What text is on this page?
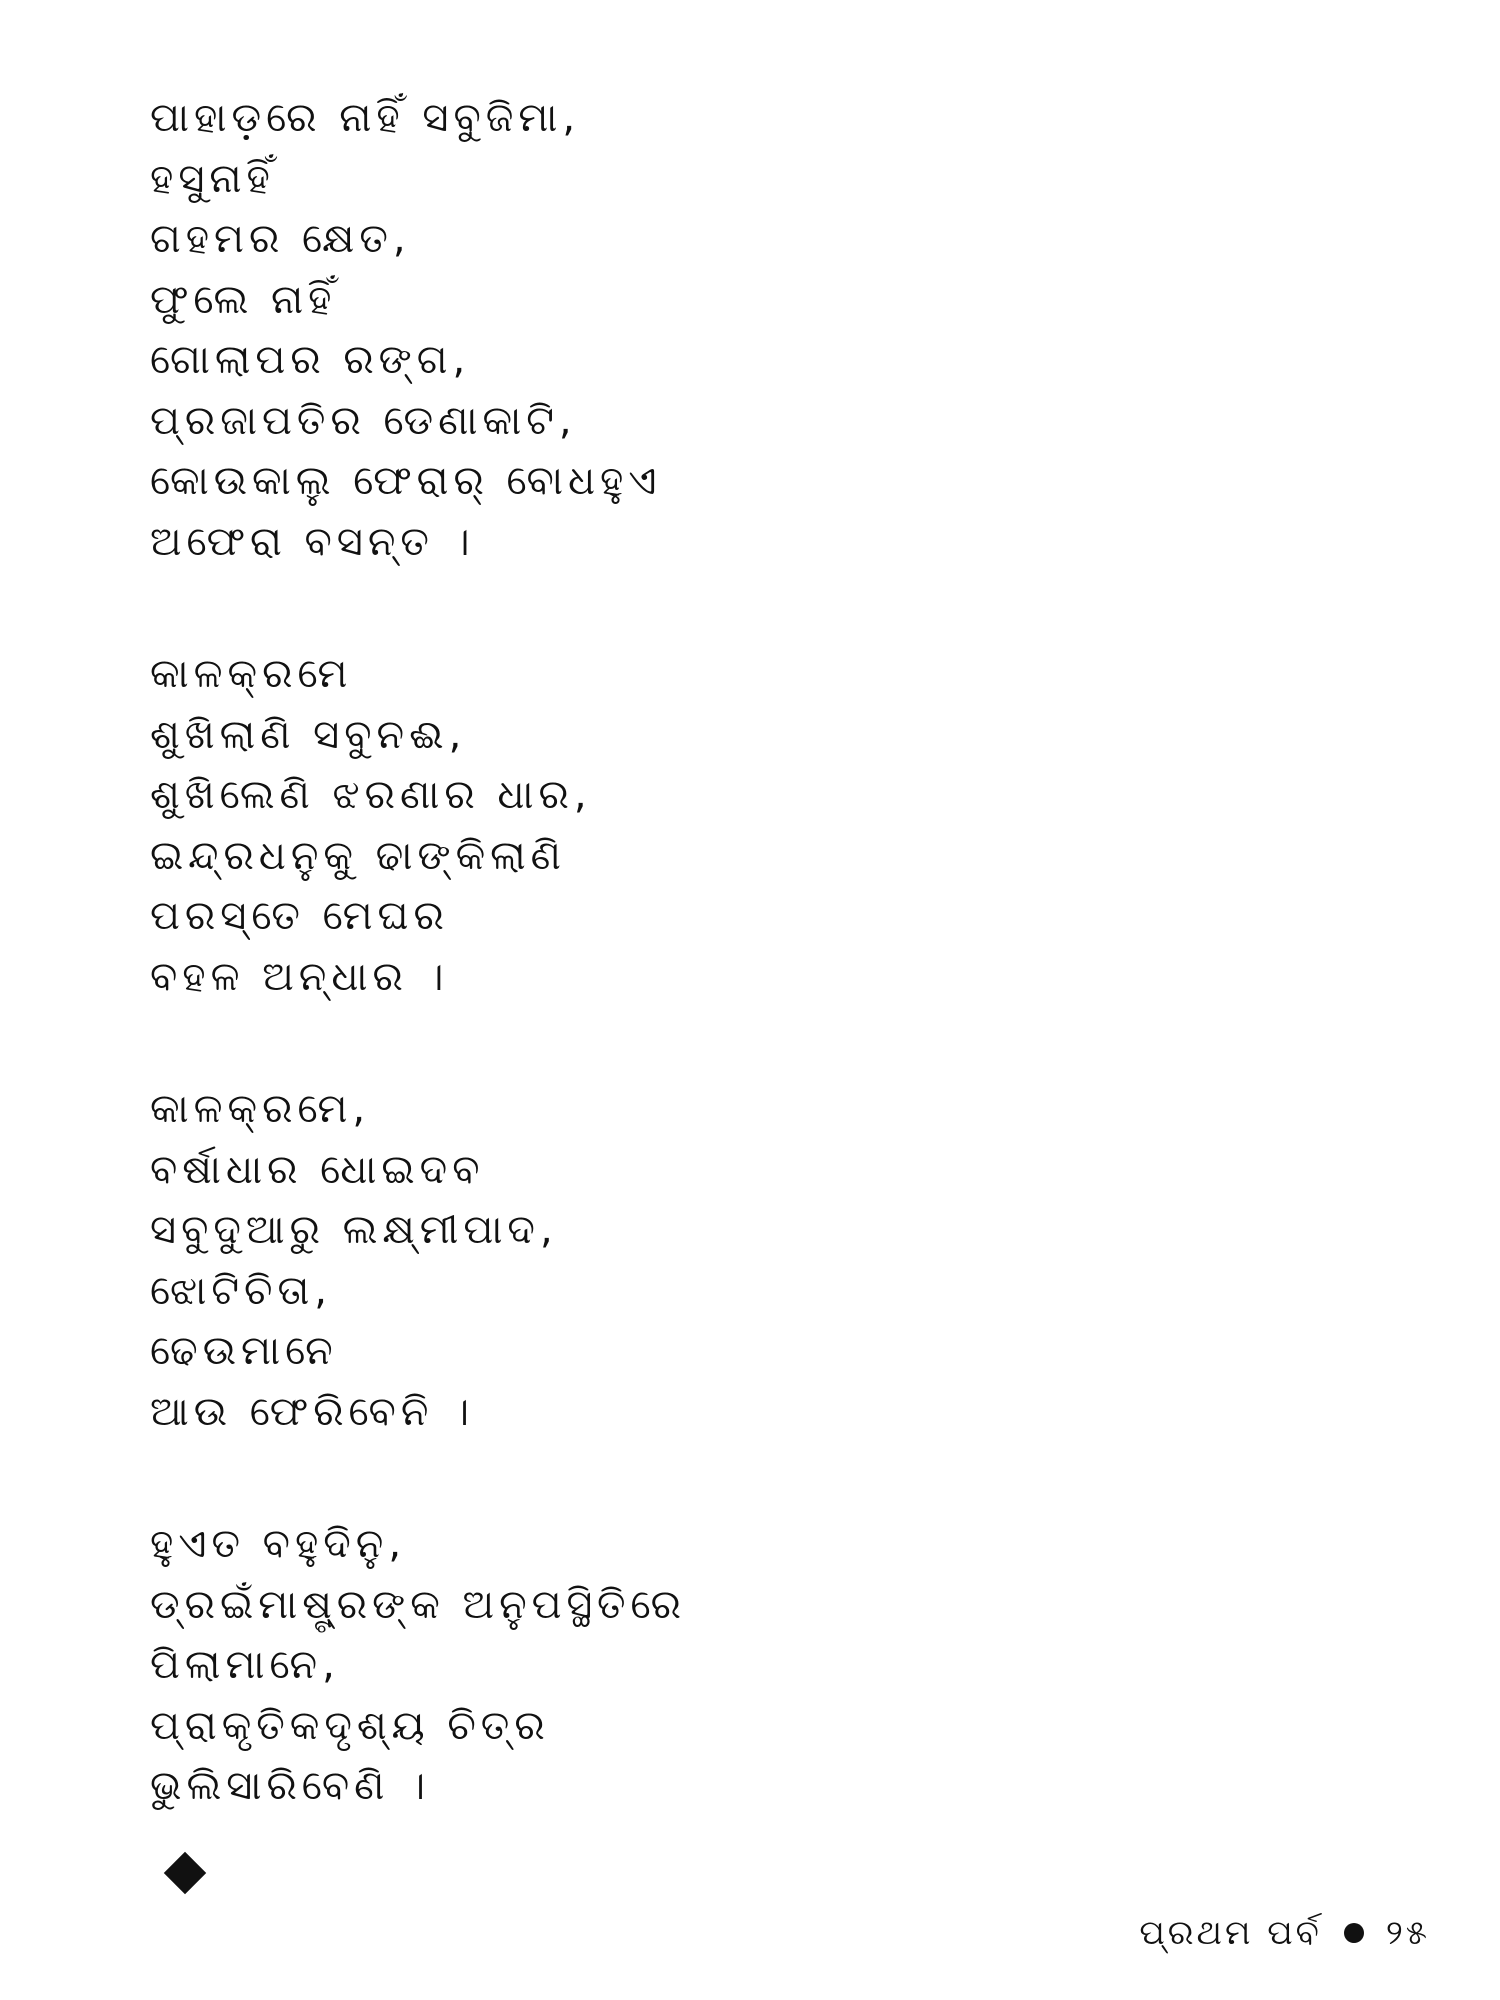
ପାହାଡ଼ରେ ନାହିଁ ସବୁଜିମା,
ହସୁନାହିଁ
ଗହମର କ୍ଷେତ,
ଫୁଲେ ନାହିଁ
ଗୋଲାପର ରଙ୍ଗ,
ପ୍ରଜାପତିର ଡେଣାକାଟି,
କୋଉକାଲୁ ଫେରାର୍ ବୋଧହୁଏ
ଅଫେରା ବସନ୍ତ ।
କାଳକ୍ରମେ
ଶୁଖିଲାଣି ସବୁନଈ,
ଶୁଖିଲେଣି ଝରଣାର ଧାର,
ଇନ୍ଦ୍ରଧନୁକୁ ଢାଙ୍କିଲାଣି
ପରସ୍ତେ ମେଘର
ବହଳ ଅନ୍ଧାର ।
କାଳକ୍ରମେ,
ବର୍ଷାଧାର ଧୋଇଦବ
ସବୁଦୁଆରୁ ଲକ୍ଷ୍ମୀପାଦ,
ଝୋଟିଚିତା,
ଢେଉମାନେ
ଆଉ ଫେରିବେନି ।
ହୁଏତ ବହୁଦିନୁ,
ଡ୍ରଇଁମାଷ୍ଟ୍ରଙ୍କ ଅନୁପସ୍ଥିତିରେ
ପିଲାମାନେ,
ପ୍ରାକୃତିକଦୃଶ୍ୟ ଚିତ୍ର
ଭୁଲିସାରିବେଣି ।
ପ୍ରଥମ ପର୍ବ ୨୫
